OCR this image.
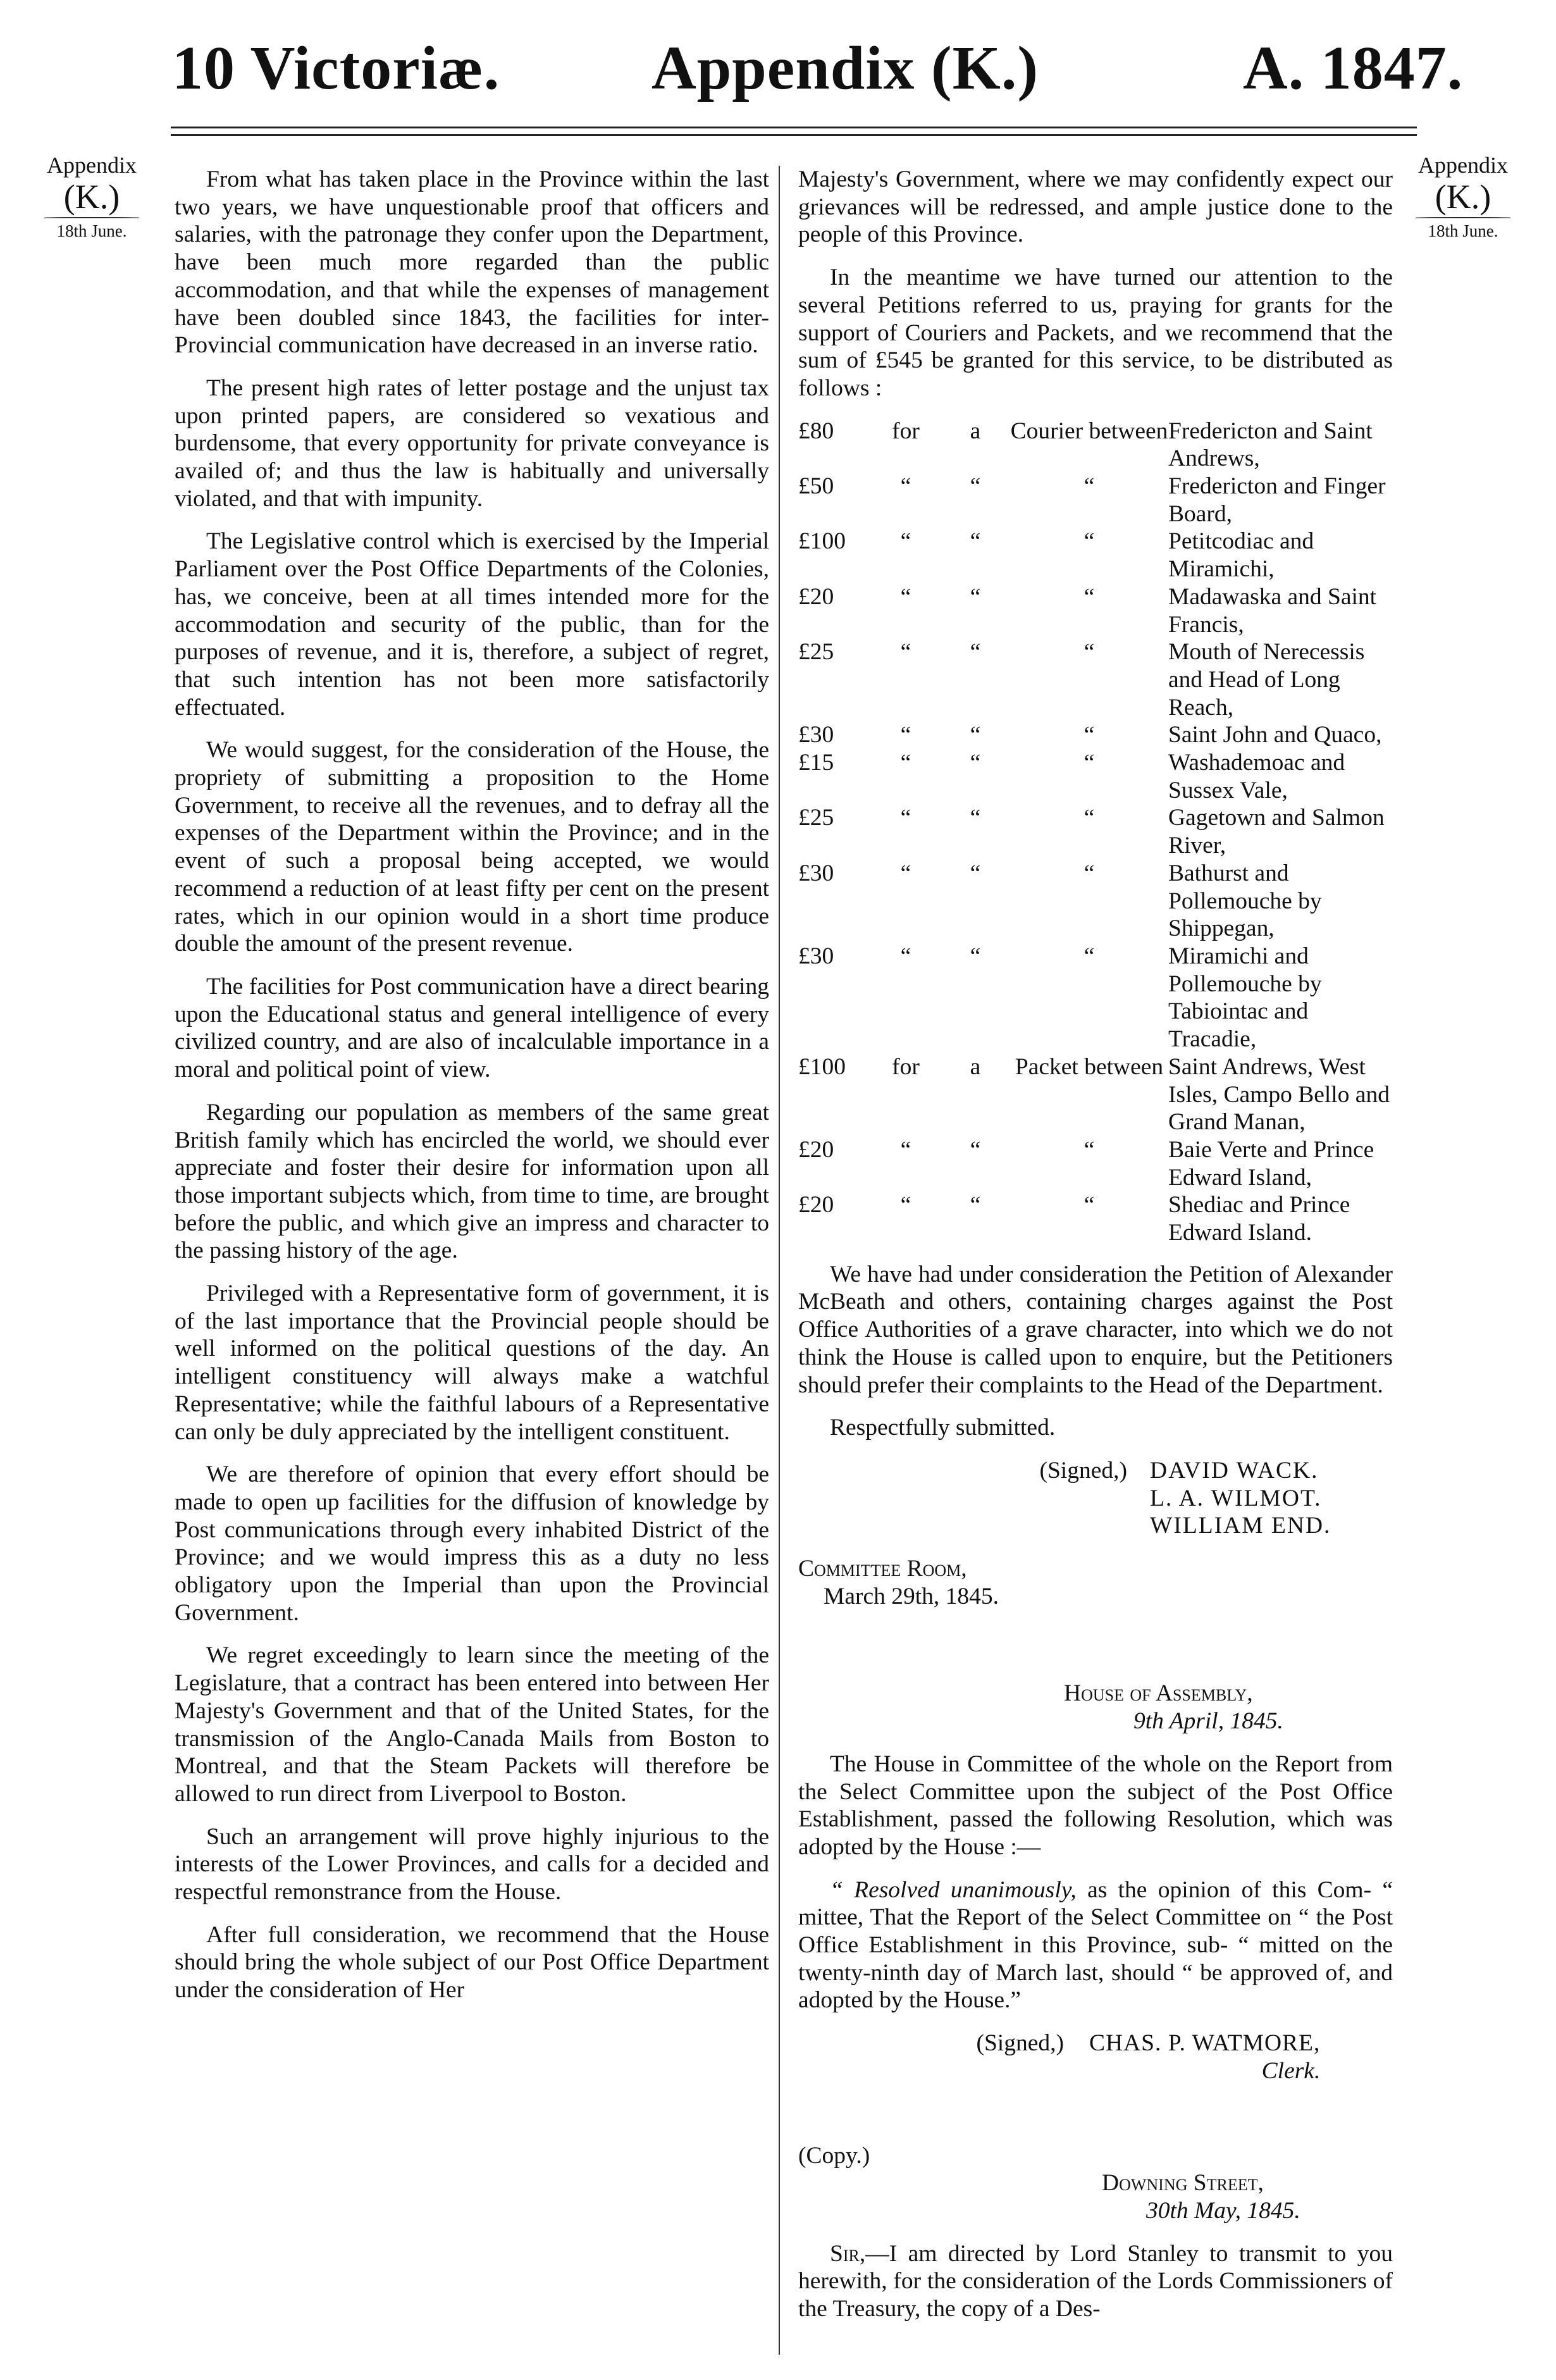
10 Victoriæ. Appendix (K.)	A. 1847.
Appendix
(K.)
18th June.
Appendix
(K.)
18th June.

From what has taken place in the Province within the last two years, we have unquestionable proof that officers and salaries, with the patronage they confer upon the Department, have been much more regarded than the public accommodation, and that while the expenses of management have been doubled since 1843, the facilities for inter-Provincial communication have decreased in an inverse ratio.

The present high rates of letter postage and the unjust tax upon printed papers, are considered so vexatious and burdensome, that every opportunity for private conveyance is availed of; and thus the law is habitually and universally violated, and that with impunity.

The Legislative control which is exercised by the Imperial Parliament over the Post Office Departments of the Colonies, has, we conceive, been at all times intended more for the accommodation and security of the public, than for the purposes of revenue, and it is, therefore, a subject of regret, that such intention has not been more satisfactorily effectuated.

We would suggest, for the consideration of the House, the propriety of submitting a proposition to the Home Government, to receive all the revenues, and to defray all the expenses of the Department within the Province; and in the event of such a proposal being accepted, we would recommend a reduction of at least fifty per cent on the present rates, which in our opinion would in a short time produce double the amount of the present revenue.

The facilities for Post communication have a direct bearing upon the Educational status and general intelligence of every civilized country, and are also of incalculable importance in a moral and political point of view.

Regarding our population as members of the same great British family which has encircled the world, we should ever appreciate and foster their desire for information upon all those important subjects which, from time to time, are brought before the public, and which give an impress and character to the passing history of the age.

Privileged with a Representative form of government, it is of the last importance that the Provincial people should be well informed on the political questions of the day. An intelligent constituency will always make a watchful Representative; while the faithful labours of a Representative can only be duly appreciated by the intelligent constituent.

We are therefore of opinion that every effort should be made to open up facilities for the diffusion of knowledge by Post communications through every inhabited District of the Province; and we would impress this as a duty no less obligatory upon the Imperial than upon the Provincial Government.

We regret exceedingly to learn since the meeting of the Legislature, that a contract has been entered into between Her Majesty's Government and that of the United States, for the transmission of the Anglo-Canada Mails from Boston to Montreal, and that the Steam Packets will therefore be allowed to run direct from Liverpool to Boston.

Such an arrangement will prove highly injurious to the interests of the Lower Provinces, and calls for a decided and respectful remonstrance from the House.

After full consideration, we recommend that the House should bring the whole subject of our Post Office Department under the consideration of Her

Majesty's Government, where we may confidently expect our grievances will be redressed, and ample justice done to the people of this Province.

In the meantime we have turned our attention to the several Petitions referred to us, praying for grants for the support of Couriers and Packets, and we recommend that the sum of £545 be granted for this service, to be distributed as follows :

£80	for	a	Courier between	Fredericton and Saint Andrews,
£50	“	“	“	Fredericton and Finger Board,
£100	“	“	“	Petitcodiac and Miramichi,
£20	“	“	“	Madawaska and Saint Francis,
£25	“	“	“	Mouth of Nerecessis and Head of Long Reach,
£30	“	“	“	Saint John and Quaco,
£15	“	“	“	Washademoac and Sussex Vale,
£25	“	“	“	Gagetown and Salmon River,
£30	“	“	“	Bathurst and Pollemouche by Shippegan,
£30	“	“	“	Miramichi and Pollemouche by Tabiointac and Tracadie,
£100	for	a	Packet between	Saint Andrews, West Isles, Campo Bello and Grand Manan,
£20	“	“	“	Baie Verte and Prince Edward Island,
£20	“	“	“	Shediac and Prince Edward Island.

We have had under consideration the Petition of Alexander McBeath and others, containing charges against the Post Office Authorities of a grave character, into which we do not think the House is called upon to enquire, but the Petitioners should prefer their complaints to the Head of the Department.

Respectfully submitted.

(Signed,) DAVID WACK.
L. A. WILMOT.
WILLIAM END.
Committee Room,
March 29th, 1845.
House of Assembly,
9th April, 1845.

The House in Committee of the whole on the Report from the Select Committee upon the subject of the Post Office Establishment, passed the following Resolution, which was adopted by the House :—

“ Resolved unanimously, as the opinion of this Com- “ mittee, That the Report of the Select Committee on “ the Post Office Establishment in this Province, sub- “ mitted on the twenty-ninth day of March last, should “ be approved of, and adopted by the House.”

(Signed,)	CHAS. P. WATMORE,
Clerk.
(Copy.)
Downing Street,
30th May, 1845.

Sir,—I am directed by Lord Stanley to transmit to you herewith, for the consideration of the Lords Commissioners of the Treasury, the copy of a Des-
